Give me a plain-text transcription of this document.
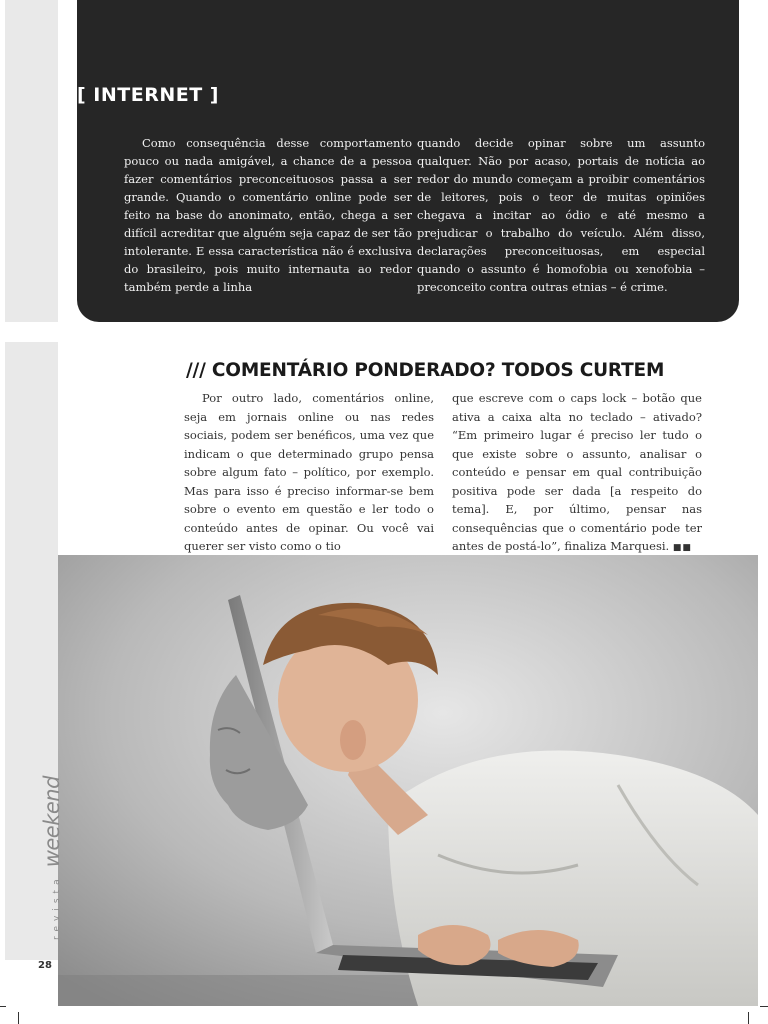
[ INTERNET ]
Como consequência desse comportamento pouco ou nada amigável, a chance de a pessoa fazer comentários preconceituosos passa a ser grande. Quando o comentário online pode ser feito na base do anonimato, então, chega a ser difícil acreditar que alguém seja capaz de ser tão intolerante. E essa característica não é exclusiva do brasileiro, pois muito internauta ao redor também perde a linha
quando decide opinar sobre um assunto qualquer. Não por acaso, portais de notícia ao redor do mundo começam a proibir comentários de leitores, pois o teor de muitas opiniões chegava a incitar ao ódio e até mesmo a prejudicar o trabalho do veículo. Além disso, declarações preconceituosas, em especial quando o assunto é homofobia ou xenofobia – preconceito contra outras etnias – é crime.
/// COMENTÁRIO PONDERADO? TODOS CURTEM
Por outro lado, comentários online, seja em jornais online ou nas redes sociais, podem ser benéficos, uma vez que indicam o que determinado grupo pensa sobre algum fato – político, por exemplo. Mas para isso é preciso informar-se bem sobre o evento em questão e ler todo o conteúdo antes de opinar. Ou você vai querer ser visto como o tio
que escreve com o caps lock – botão que ativa a caixa alta no teclado – ativado? “Em primeiro lugar é preciso ler tudo o que existe sobre o assunto, analisar o conteúdo e pensar em qual contribuição positiva pode ser dada [a respeito do tema]. E, por último, pensar nas consequências que o comentário pode ter antes de postá-lo”, finaliza Marquesi. ■■
revista weekend
28
